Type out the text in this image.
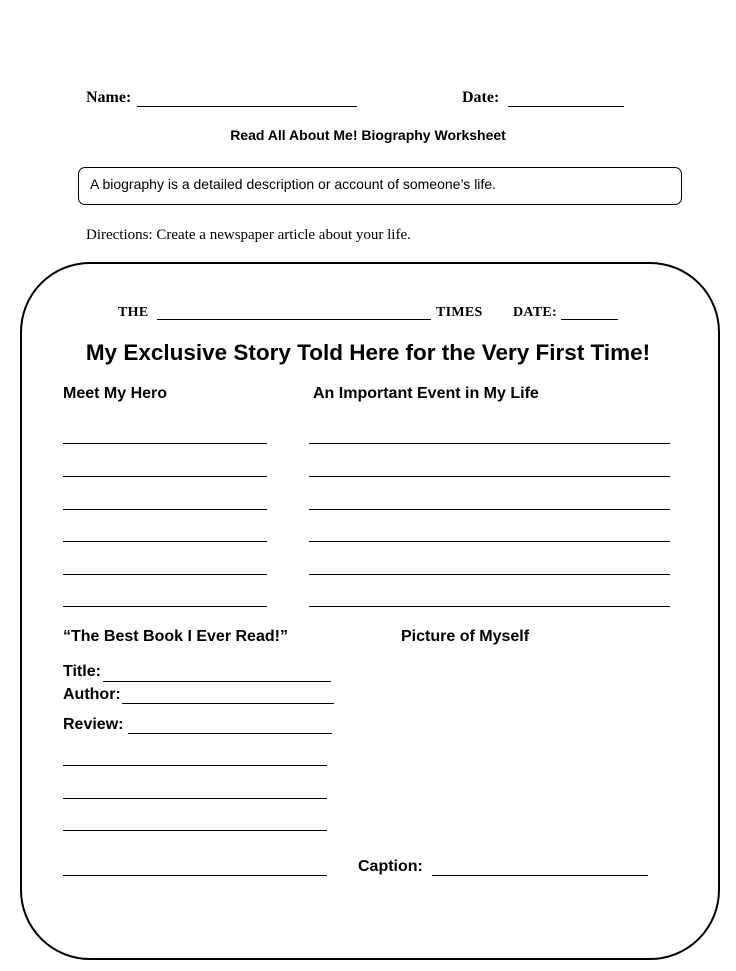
Name:	Date:
Read All About Me! Biography Worksheet
A biography is a detailed description or account of someone’s life.
Directions: Create a newspaper article about your life.
THE	TIMES DATE:
My Exclusive Story Told Here for the Very First Time!
Meet My Hero	An Important Event in My Life
“The Best Book I Ever Read!”	Picture of Myself
Title:
Author:
Review:
Caption:
